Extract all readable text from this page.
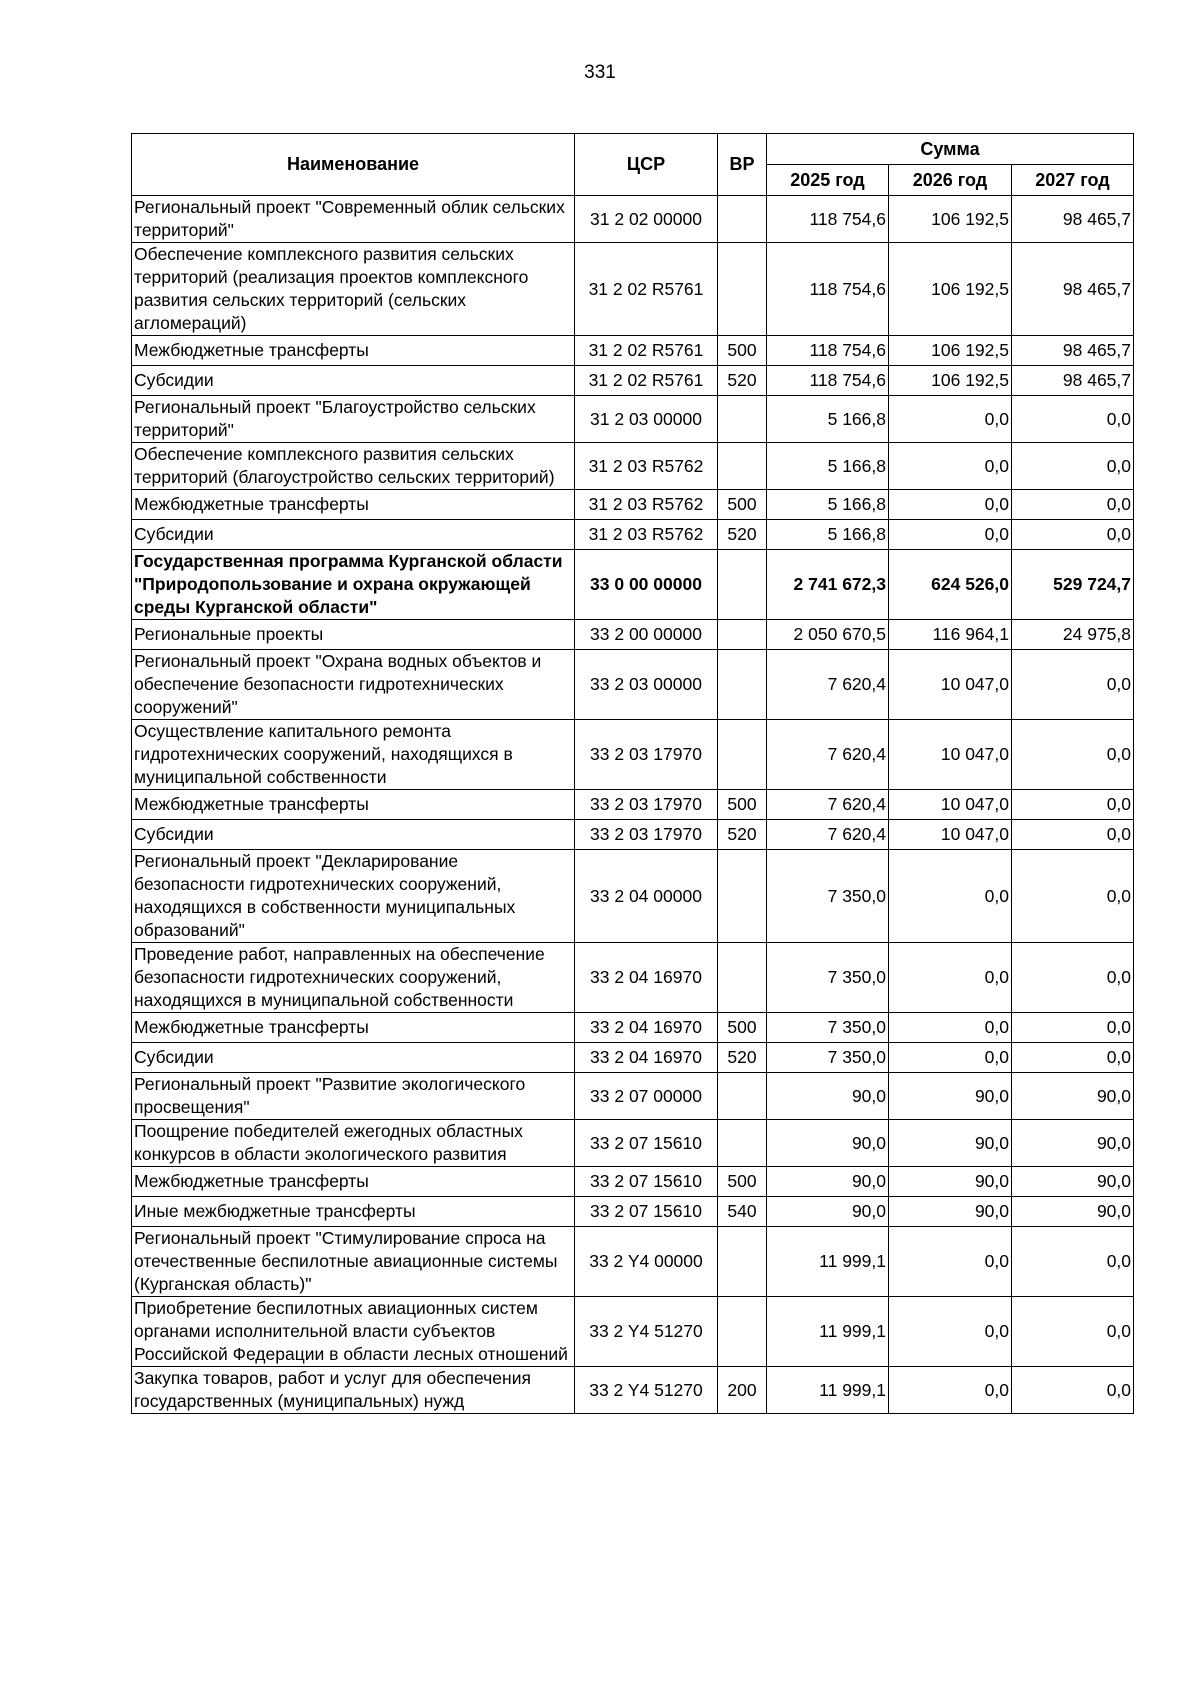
331
Наименование	ЦСР	ВР	Сумма		
			2025 год	2026 год	2027 год
Региональный проект "Современный облик сельских территорий"	31 2 02 00000		118 754,6	106 192,5	98 465,7
Обеспечение комплексного развития сельских территорий (реализация проектов комплексного развития сельских территорий (сельских агломераций)	31 2 02 R5761		118 754,6	106 192,5	98 465,7
Межбюджетные трансферты	31 2 02 R5761	500	118 754,6	106 192,5	98 465,7
Субсидии	31 2 02 R5761	520	118 754,6	106 192,5	98 465,7
Региональный проект "Благоустройство сельских территорий"	31 2 03 00000		5 166,8	0,0	0,0
Обеспечение комплексного развития сельских территорий (благоустройство сельских территорий)	31 2 03 R5762		5 166,8	0,0	0,0
Межбюджетные трансферты	31 2 03 R5762	500	5 166,8	0,0	0,0
Субсидии	31 2 03 R5762	520	5 166,8	0,0	0,0
Государственная программа Курганской области "Природопользование и охрана окружающей среды Курганской области"	33 0 00 00000		2 741 672,3	624 526,0	529 724,7
Региональные проекты	33 2 00 00000		2 050 670,5	116 964,1	24 975,8
Региональный проект "Охрана водных объектов и обеспечение безопасности гидротехнических сооружений"	33 2 03 00000		7 620,4	10 047,0	0,0
Осуществление капитального ремонта гидротехнических сооружений, находящихся в муниципальной собственности	33 2 03 17970		7 620,4	10 047,0	0,0
Межбюджетные трансферты	33 2 03 17970	500	7 620,4	10 047,0	0,0
Субсидии	33 2 03 17970	520	7 620,4	10 047,0	0,0
Региональный проект "Декларирование безопасности гидротехнических сооружений, находящихся в собственности муниципальных образований"	33 2 04 00000		7 350,0	0,0	0,0
Проведение работ, направленных на обеспечение безопасности гидротехнических сооружений, находящихся в муниципальной собственности	33 2 04 16970		7 350,0	0,0	0,0
Межбюджетные трансферты	33 2 04 16970	500	7 350,0	0,0	0,0
Субсидии	33 2 04 16970	520	7 350,0	0,0	0,0
Региональный проект "Развитие экологического просвещения"	33 2 07 00000		90,0	90,0	90,0
Поощрение победителей ежегодных областных конкурсов в области экологического развития	33 2 07 15610		90,0	90,0	90,0
Межбюджетные трансферты	33 2 07 15610	500	90,0	90,0	90,0
Иные межбюджетные трансферты	33 2 07 15610	540	90,0	90,0	90,0
Региональный проект "Стимулирование спроса на отечественные беспилотные авиационные системы (Курганская область)"	33 2 Y4 00000		11 999,1	0,0	0,0
Приобретение беспилотных авиационных систем органами исполнительной власти субъектов Российской Федерации в области лесных отношений	33 2 Y4 51270		11 999,1	0,0	0,0
Закупка товаров, работ и услуг для обеспечения государственных (муниципальных) нужд	33 2 Y4 51270	200	11 999,1	0,0	0,0
